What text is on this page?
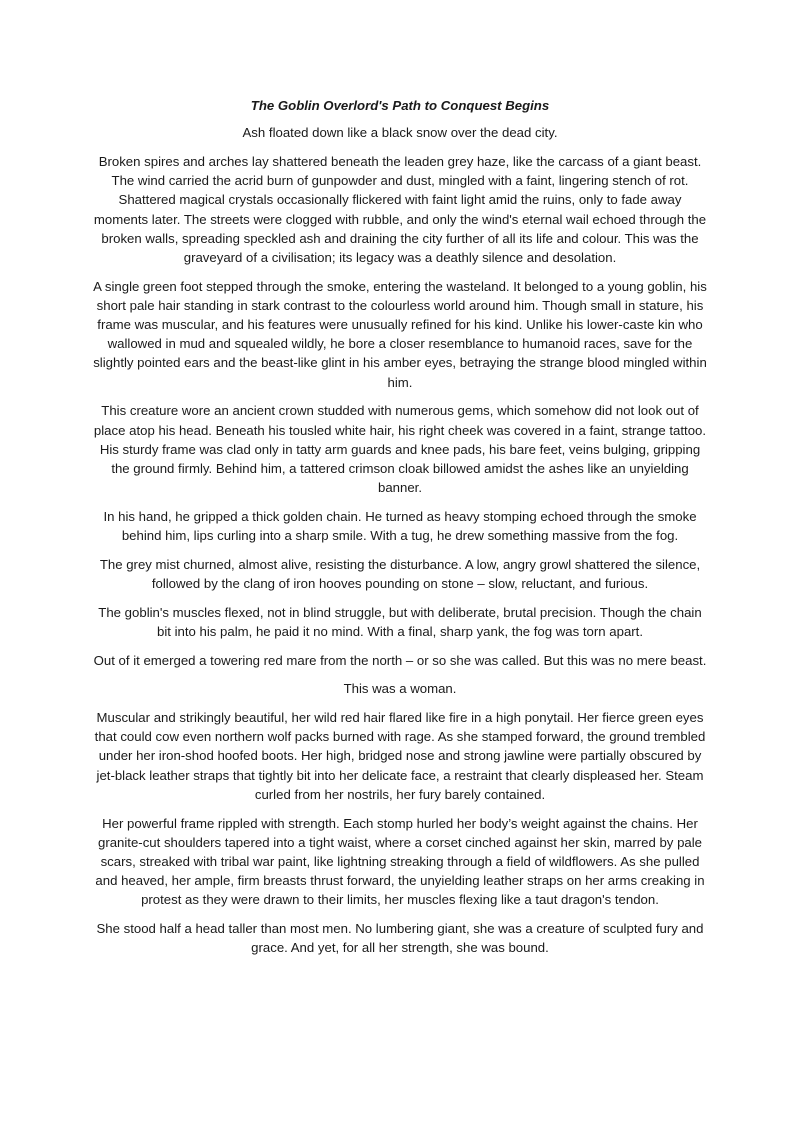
The Goblin Overlord's Path to Conquest Begins

Ash floated down like a black snow over the dead city.

Broken spires and arches lay shattered beneath the leaden grey haze, like the carcass of a giant beast. The wind carried the acrid burn of gunpowder and dust, mingled with a faint, lingering stench of rot. Shattered magical crystals occasionally flickered with faint light amid the ruins, only to fade away moments later. The streets were clogged with rubble, and only the wind's eternal wail echoed through the broken walls, spreading speckled ash and draining the city further of all its life and colour. This was the graveyard of a civilisation; its legacy was a deathly silence and desolation.

A single green foot stepped through the smoke, entering the wasteland. It belonged to a young goblin, his short pale hair standing in stark contrast to the colourless world around him. Though small in stature, his frame was muscular, and his features were unusually refined for his kind. Unlike his lower-caste kin who wallowed in mud and squealed wildly, he bore a closer resemblance to humanoid races, save for the slightly pointed ears and the beast-like glint in his amber eyes, betraying the strange blood mingled within him.

This creature wore an ancient crown studded with numerous gems, which somehow did not look out of place atop his head. Beneath his tousled white hair, his right cheek was covered in a faint, strange tattoo. His sturdy frame was clad only in tatty arm guards and knee pads, his bare feet, veins bulging, gripping the ground firmly. Behind him, a tattered crimson cloak billowed amidst the ashes like an unyielding banner.

In his hand, he gripped a thick golden chain. He turned as heavy stomping echoed through the smoke behind him, lips curling into a sharp smile. With a tug, he drew something massive from the fog.

The grey mist churned, almost alive, resisting the disturbance. A low, angry growl shattered the silence, followed by the clang of iron hooves pounding on stone – slow, reluctant, and furious.

The goblin's muscles flexed, not in blind struggle, but with deliberate, brutal precision. Though the chain bit into his palm, he paid it no mind. With a final, sharp yank, the fog was torn apart.

Out of it emerged a towering red mare from the north – or so she was called. But this was no mere beast.

This was a woman.

Muscular and strikingly beautiful, her wild red hair flared like fire in a high ponytail. Her fierce green eyes that could cow even northern wolf packs burned with rage. As she stamped forward, the ground trembled under her iron-shod hoofed boots. Her high, bridged nose and strong jawline were partially obscured by jet-black leather straps that tightly bit into her delicate face, a restraint that clearly displeased her. Steam curled from her nostrils, her fury barely contained.

Her powerful frame rippled with strength. Each stomp hurled her body’s weight against the chains. Her granite-cut shoulders tapered into a tight waist, where a corset cinched against her skin, marred by pale scars, streaked with tribal war paint, like lightning streaking through a field of wildflowers. As she pulled and heaved, her ample, firm breasts thrust forward, the unyielding leather straps on her arms creaking in protest as they were drawn to their limits, her muscles flexing like a taut dragon's tendon.

She stood half a head taller than most men. No lumbering giant, she was a creature of sculpted fury and grace. And yet, for all her strength, she was bound.
